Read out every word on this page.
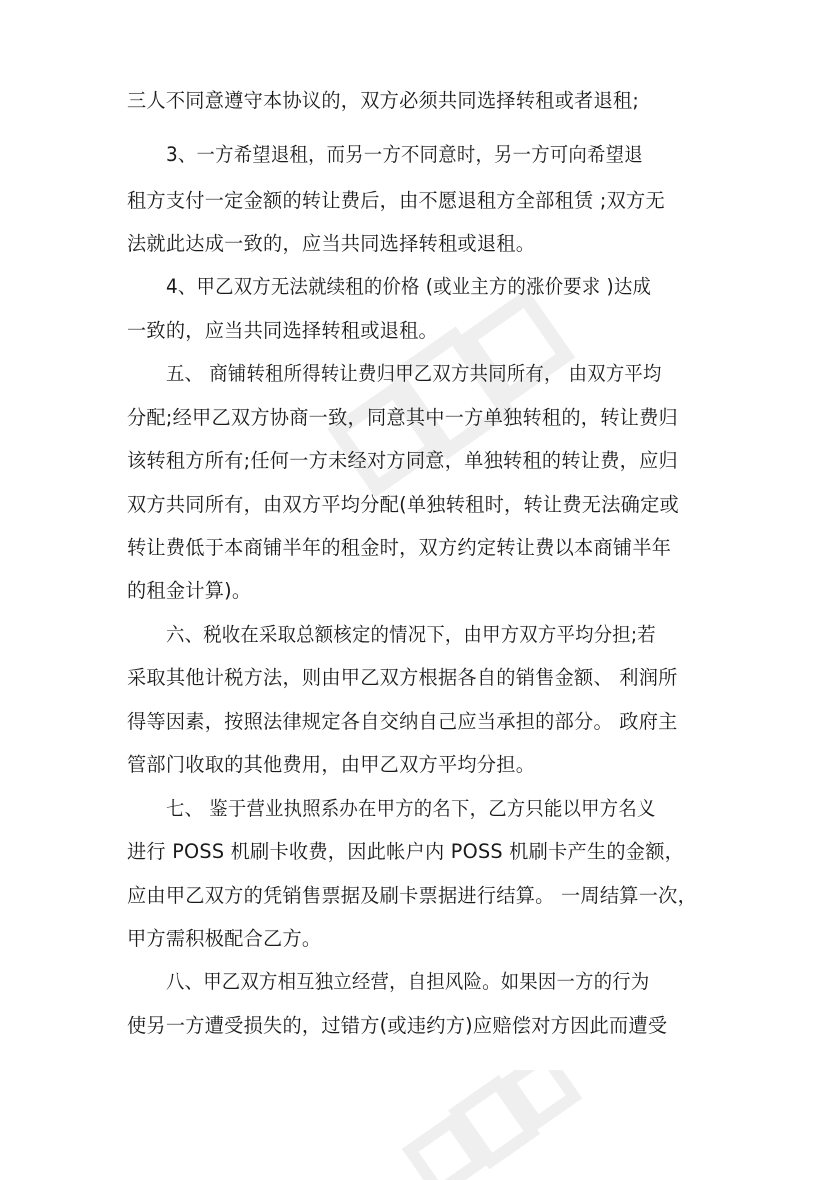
三人不同意遵守本协议的，双方必须共同选择转租或者退租;

3、一方希望退租，而另一方不同意时，另一方可向希望退

租方支付一定金额的转让费后，由不愿退租方全部租赁 ;双方无

法就此达成一致的，应当共同选择转租或退租。

4、甲乙双方无法就续租的价格 (或业主方的涨价要求 )达成

一致的，应当共同选择转租或退租。

五、 商铺转租所得转让费归甲乙双方共同所有， 由双方平均

分配;经甲乙双方协商一致，同意其中一方单独转租的，转让费归

该转租方所有;任何一方未经对方同意，单独转租的转让费，应归

双方共同所有，由双方平均分配(单独转租时，转让费无法确定或

转让费低于本商铺半年的租金时，双方约定转让费以本商铺半年

的租金计算)。

六、税收在采取总额核定的情况下，由甲方双方平均分担;若

采取其他计税方法，则由甲乙双方根据各自的销售金额、 利润所

得等因素，按照法律规定各自交纳自己应当承担的部分。 政府主

管部门收取的其他费用，由甲乙双方平均分担。

七、 鉴于营业执照系办在甲方的名下，乙方只能以甲方名义

进行 POSS 机刷卡收费，因此帐户内 POSS 机刷卡产生的金额，

应由甲乙双方的凭销售票据及刷卡票据进行结算。 一周结算一次，

甲方需积极配合乙方。

八、甲乙双方相互独立经营，自担风险。如果因一方的行为

使另一方遭受损失的，过错方(或违约方)应赔偿对方因此而遭受
